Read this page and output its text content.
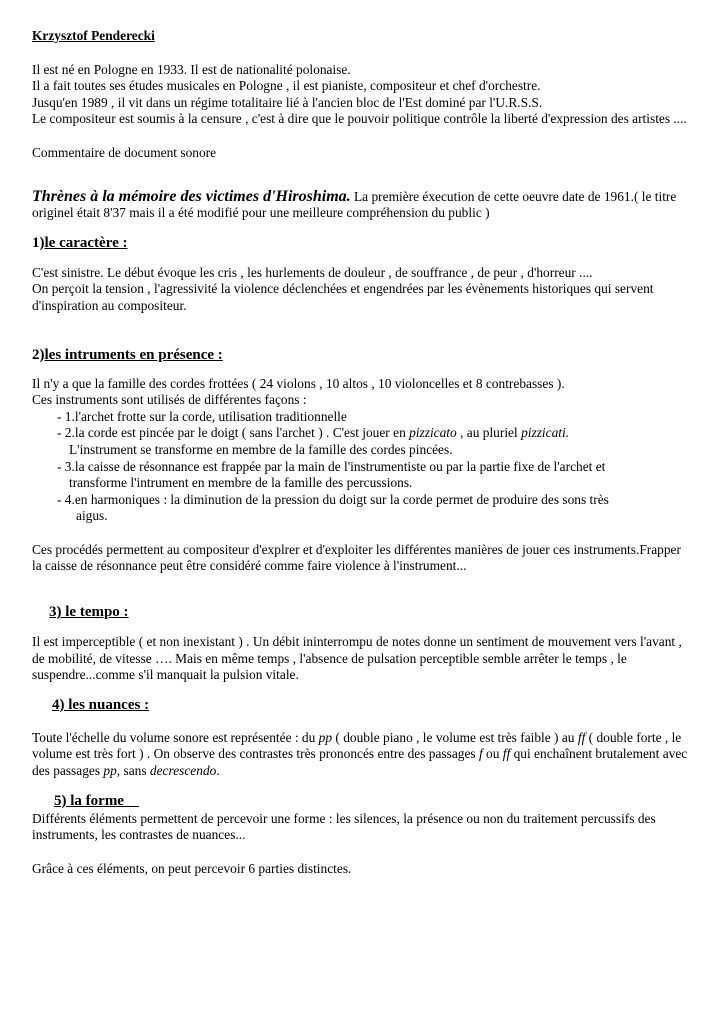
Krzysztof Penderecki

Il est né en Pologne en 1933. Il est de nationalité polonaise.

Il a fait toutes ses études musicales en Pologne , il est pianiste, compositeur et chef d'orchestre.

Jusqu'en 1989 , il vit dans un régime totalitaire lié à l'ancien bloc de l'Est dominé par l'U.R.S.S.

Le compositeur est soumis à la censure , c'est à dire que le pouvoir politique contrôle la liberté d'expression des artistes ....

Commentaire de document sonore

Thrènes à la mémoire des victimes d'Hiroshima. La première éxecution de cette oeuvre date de 1961.( le titre originel était 8'37 mais il a été modifié pour une meilleure compréhension du public )

1)le caractère :

C'est sinistre. Le début évoque les cris , les hurlements de douleur , de souffrance , de peur , d'horreur ....

On perçoit la tension , l'agressivité la violence déclenchées et engendrées par les évènements historiques qui servent d'inspiration au compositeur.

2)les intruments en présence :

Il n'y a que la famille des cordes frottées ( 24 violons , 10 altos , 10 violoncelles et 8 contrebasses ).

Ces instruments sont utilisés de différentes façons :

- 1.l'archet frotte sur la corde, utilisation traditionnelle
- 2.la corde est pincée par le doigt ( sans l'archet ) . C'est jouer en pizzicato , au pluriel pizzicati.
L'instrument se transforme en membre de la famille des cordes pincées.
- 3.la caisse de résonnance est frappée par la main de l'instrumentiste ou par la partie fixe de l'archet et
transforme l'intrument en membre de la famille des percussions.
- 4.en harmoniques : la diminution de la pression du doigt sur la corde permet de produire des sons très
aigus.

Ces procédés permettent au compositeur d'explrer et d'exploiter les différentes manières de jouer ces instruments.Frapper la caisse de résonnance peut être considéré comme faire violence à l'instrument...

3) le tempo :

Il est imperceptible ( et non inexistant ) . Un débit ininterrompu de notes donne un sentiment de mouvement vers l'avant , de mobilité, de vitesse …. Mais en même temps , l'absence de pulsation perceptible semble arrêter le temps , le suspendre...comme s'il manquait la pulsion vitale.

4) les nuances :

Toute l'échelle du volume sonore est représentée : du pp ( double piano , le volume est très faible ) au ff ( double forte , le volume est très fort ) . On observe des contrastes très prononcés entre des passages f ou ff qui enchaînent brutalement avec des passages pp, sans decrescendo.

5) la forme

Différents éléments permettent de percevoir une forme : les silences, la présence ou non du traitement percussifs des instruments, les contrastes de nuances...

Grâce à ces éléments, on peut percevoir 6 parties distinctes.
